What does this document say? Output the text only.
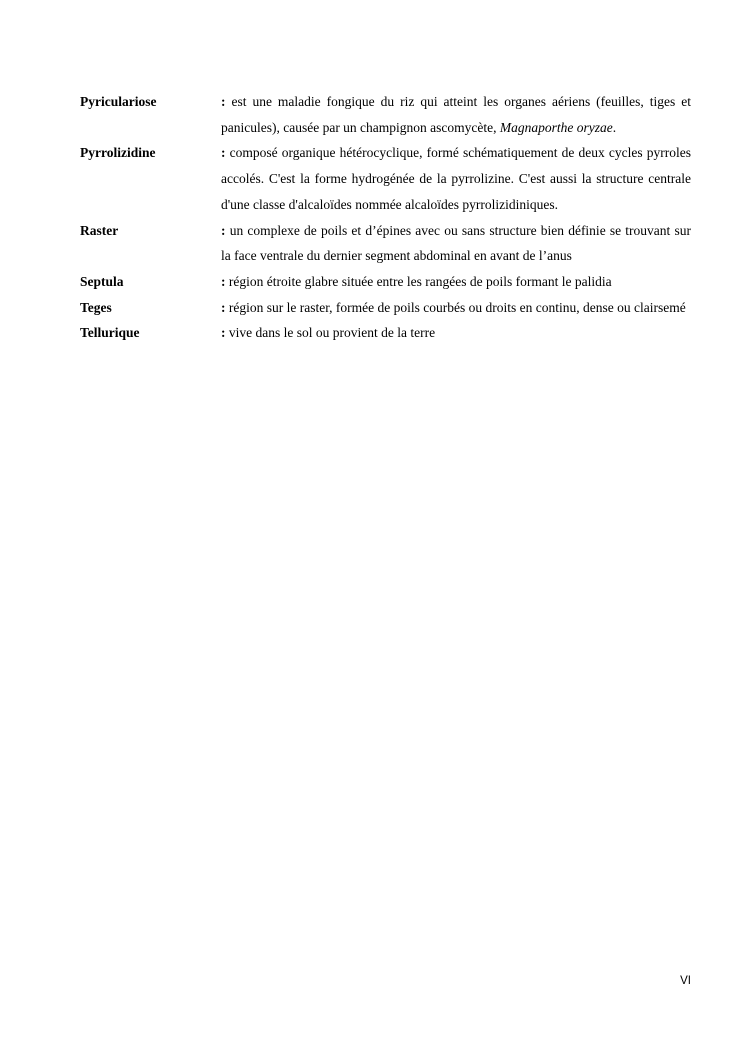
Pyriculariose	: est une maladie fongique du riz qui atteint les organes aériens (feuilles, tiges et panicules), causée par un champignon ascomycète, Magnaporthe oryzae.
Pyrrolizidine	: composé organique hétérocyclique, formé schématiquement de deux cycles pyrroles accolés. C'est la forme hydrogénée de la pyrrolizine. C'est aussi la structure centrale d'une classe d'alcaloïdes nommée alcaloïdes pyrrolizidiniques.
Raster	: un complexe de poils et d’épines avec ou sans structure bien définie se trouvant sur la face ventrale du dernier segment abdominal en avant de l’anus
Septula	: région étroite glabre située entre les rangées de poils formant le palidia
Teges	: région sur le raster, formée de poils courbés ou droits en continu, dense ou clairsemé
Tellurique	: vive dans le sol ou provient de la terre
VI
